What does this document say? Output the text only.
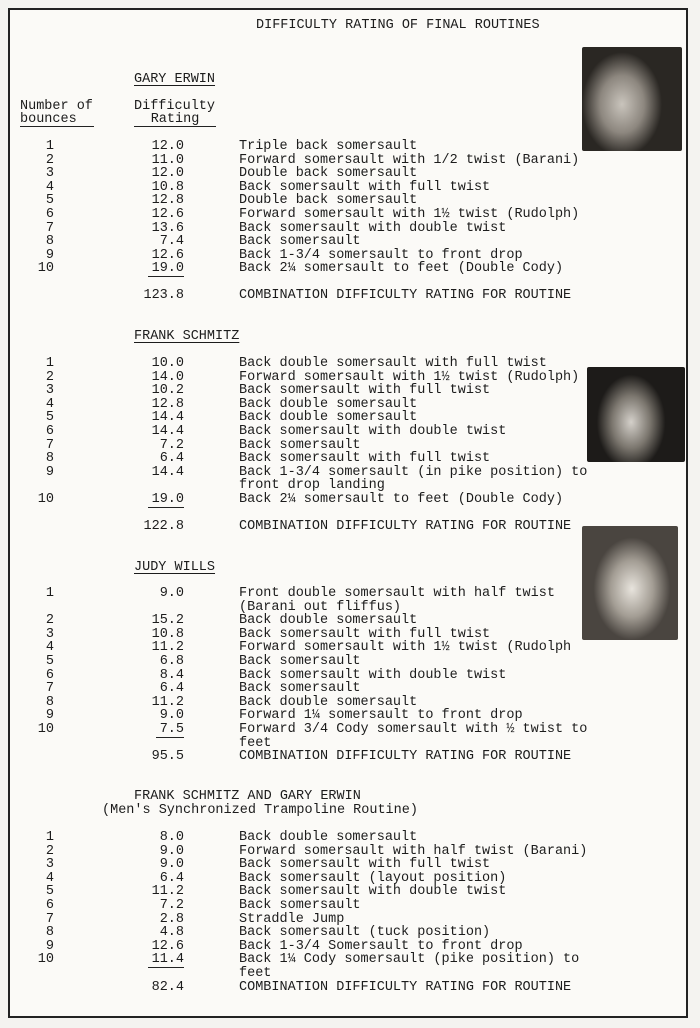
DIFFICULTY RATING OF FINAL ROUTINES
GARY ERWIN
Number of
bounces
Difficulty
Rating
1	12.0	Triple back somersault
2	11.0	Forward somersault with 1/2 twist (Barani)
3	12.0	Double back somersault
4	10.8	Back somersault with full twist
5	12.8	Double back somersault
6	12.6	Forward somersault with 1½ twist (Rudolph)
7	13.6	Back somersault with double twist
8	7.4	Back somersault
9	12.6	Back 1-3/4 somersault to front drop
10	19.0	Back 2¼ somersault to feet (Double Cody)
123.8	COMBINATION DIFFICULTY RATING FOR ROUTINE
FRANK SCHMITZ
1	10.0	Back double somersault with full twist
2	14.0	Forward somersault with 1½ twist (Rudolph)
3	10.2	Back somersault with full twist
4	12.8	Back double somersault
5	14.4	Back double somersault
6	14.4	Back somersault with double twist
7	7.2	Back somersault
8	6.4	Back somersault with full twist
9	14.4	Back 1-3/4 somersault (in pike position) to
front drop landing
10	19.0	Back 2¼ somersault to feet (Double Cody)
122.8	COMBINATION DIFFICULTY RATING FOR ROUTINE
JUDY WILLS
1	9.0	Front double somersault with half twist
(Barani out fliffus)
2	15.2	Back double somersault
3	10.8	Back somersault with full twist
4	11.2	Forward somersault with 1½ twist (Rudolph
5	6.8	Back somersault
6	8.4	Back somersault with double twist
7	6.4	Back somersault
8	11.2	Back double somersault
9	9.0	Forward 1¼ somersault to front drop
10	7.5	Forward 3/4 Cody somersault with ½ twist to feet
95.5	COMBINATION DIFFICULTY RATING FOR ROUTINE
FRANK SCHMITZ AND GARY ERWIN
(Men's Synchronized Trampoline Routine)
1	8.0	Back double somersault
2	9.0	Forward somersault with half twist (Barani)
3	9.0	Back somersault with full twist
4	6.4	Back somersault (layout position)
5	11.2	Back somersault with double twist
6	7.2	Back somersault
7	2.8	Straddle Jump
8	4.8	Back somersault (tuck position)
9	12.6	Back 1-3/4 Somersault to front drop
10	11.4	Back 1¼ Cody somersault (pike position) to feet
82.4	COMBINATION DIFFICULTY RATING FOR ROUTINE
